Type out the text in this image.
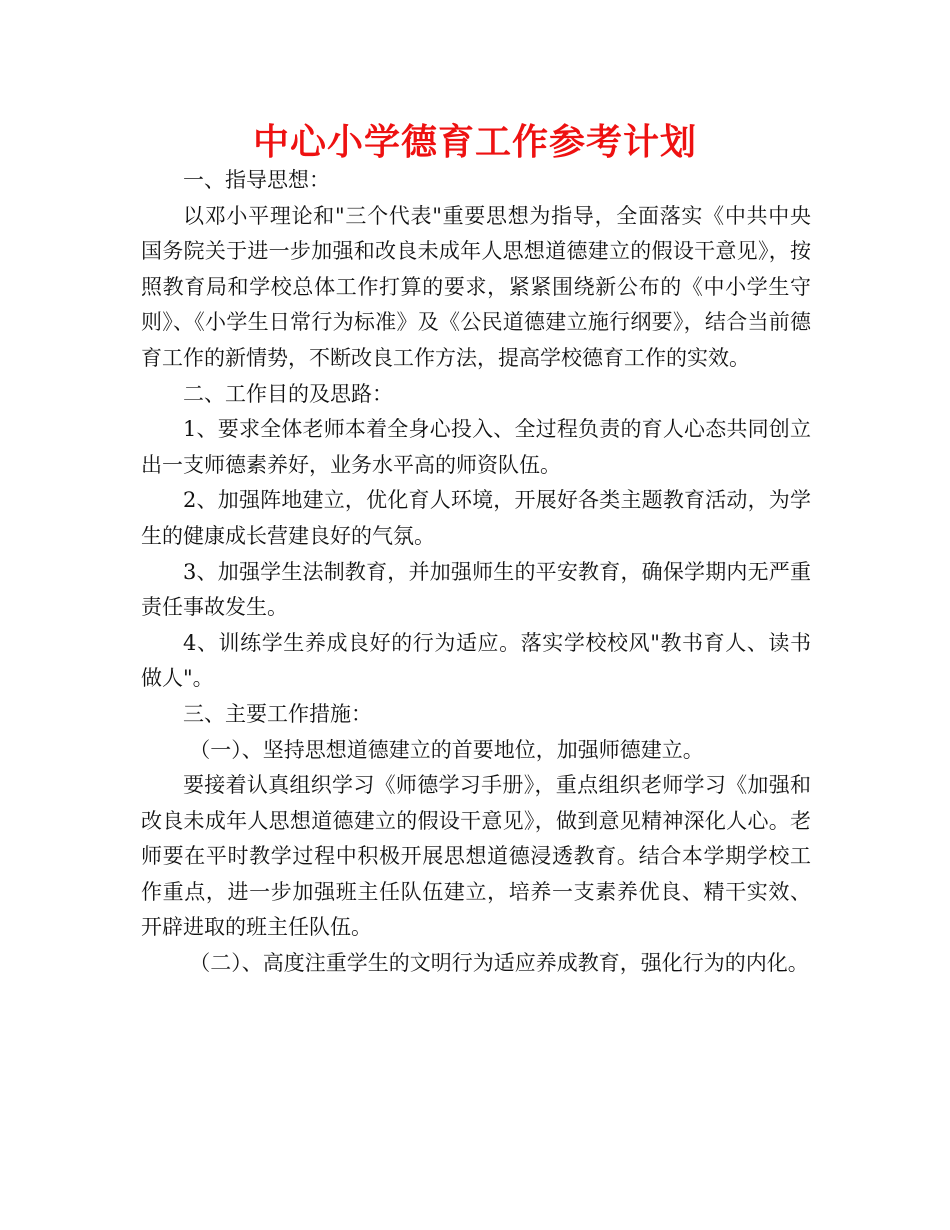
中心小学德育工作参考计划

一、指导思想：

以邓小平理论和"三个代表"重要思想为指导，全面落实《中共中央国务院关于进一步加强和改良未成年人思想道德建立的假设干意见》，按照教育局和学校总体工作打算的要求，紧紧围绕新公布的《中小学生守则》、《小学生日常行为标准》及《公民道德建立施行纲要》，结合当前德育工作的新情势，不断改良工作方法，提高学校德育工作的实效。

二、工作目的及思路：

1、要求全体老师本着全身心投入、全过程负责的育人心态共同创立出一支师德素养好，业务水平高的师资队伍。

2、加强阵地建立，优化育人环境，开展好各类主题教育活动，为学生的健康成长营建良好的气氛。

3、加强学生法制教育，并加强师生的平安教育，确保学期内无严重责任事故发生。

4、训练学生养成良好的行为适应。落实学校校风"教书育人、读书做人"。

三、主要工作措施：

（一）、坚持思想道德建立的首要地位，加强师德建立。

要接着认真组织学习《师德学习手册》，重点组织老师学习《加强和改良未成年人思想道德建立的假设干意见》，做到意见精神深化人心。老师要在平时教学过程中积极开展思想道德浸透教育。结合本学期学校工作重点，进一步加强班主任队伍建立，培养一支素养优良、精干实效、开辟进取的班主任队伍。

（二）、高度注重学生的文明行为适应养成教育，强化行为的内化。
